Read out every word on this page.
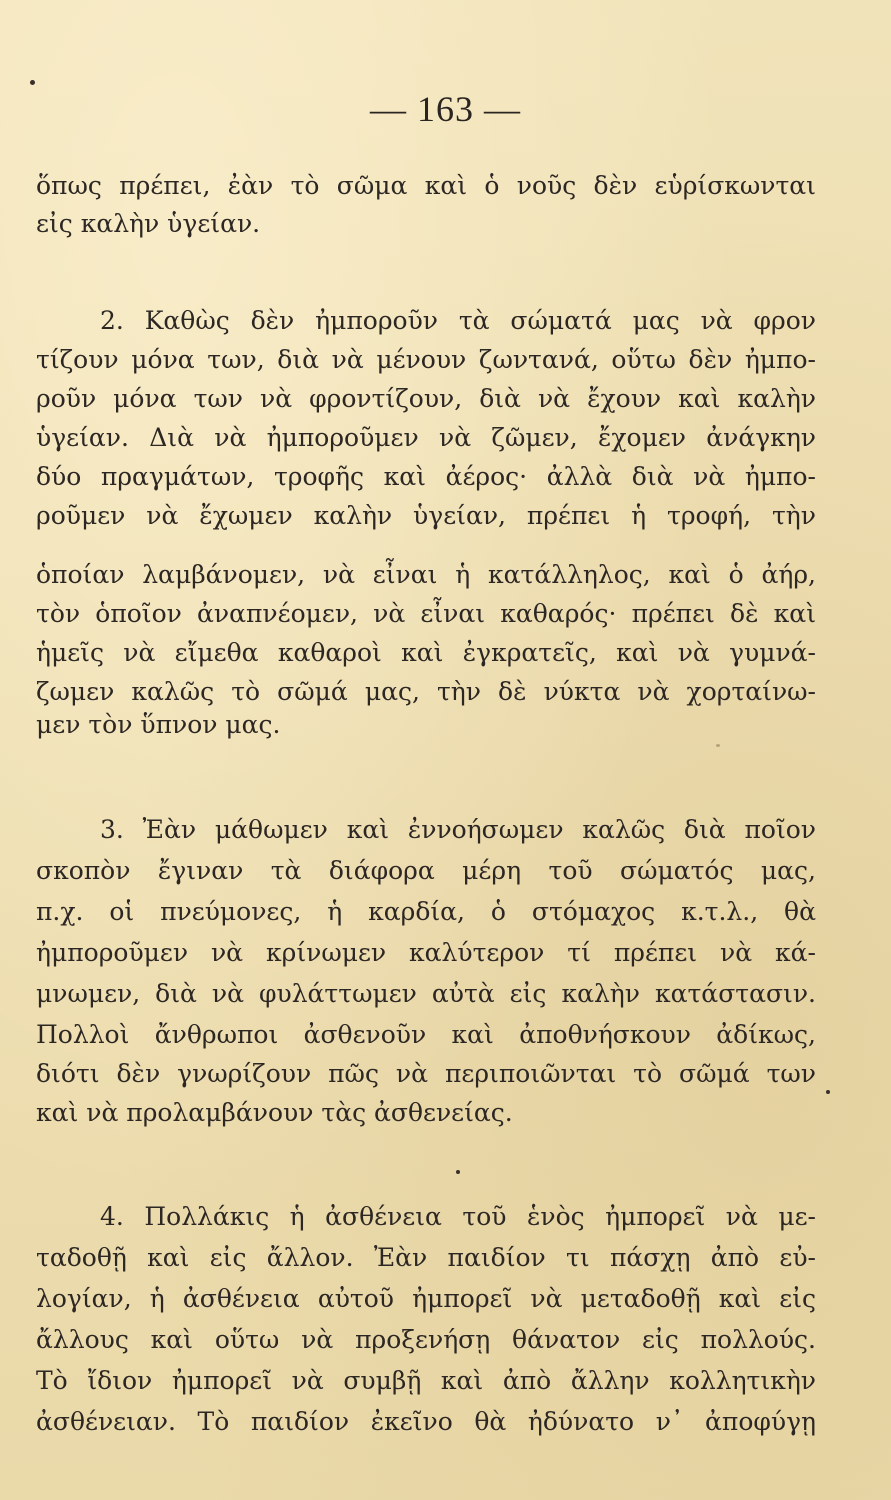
— 163 —
ὅπως πρέπει, ἐὰν τὸ σῶμα καὶ ὁ νοῦς δὲν εὑρίσκωνται
εἰς καλὴν ὑγείαν.
2. Καθὼς δὲν ἠμποροῦν τὰ σώματά μας νὰ φρον
τίζουν μόνα των, διὰ νὰ μένουν ζωντανά, οὕτω δὲν ἠμπο-
ροῦν μόνα των νὰ φροντίζουν, διὰ νὰ ἔχουν καὶ καλὴν
ὑγείαν. Διὰ νὰ ἠμποροῦμεν νὰ ζῶμεν, ἔχομεν ἀνάγκην
δύο πραγμάτων, τροφῆς καὶ ἀέρος· ἀλλὰ διὰ νὰ ἠμπο-
ροῦμεν νὰ ἔχωμεν καλὴν ὑγείαν, πρέπει ἡ τροφή, τὴν
ὁποίαν λαμβάνομεν, νὰ εἶναι ἡ κατάλληλος, καὶ ὁ ἀήρ,
τὸν ὁποῖον ἀναπνέομεν, νὰ εἶναι καθαρός· πρέπει δὲ καὶ
ἡμεῖς νὰ εἴμεθα καθαροὶ καὶ ἐγκρατεῖς, καὶ νὰ γυμνά-
ζωμεν καλῶς τὸ σῶμά μας, τὴν δὲ νύκτα νὰ χορταίνω-
μεν τὸν ὕπνον μας.
3. Ἐὰν μάθωμεν καὶ ἐννοήσωμεν καλῶς διὰ ποῖον
σκοπὸν ἔγιναν τὰ διάφορα μέρη τοῦ σώματός μας,
π.χ. οἱ πνεύμονες, ἡ καρδία, ὁ στόμαχος κ.τ.λ., θὰ
ἠμποροῦμεν νὰ κρίνωμεν καλύτερον τί πρέπει νὰ κά-
μνωμεν, διὰ νὰ φυλάττωμεν αὐτὰ εἰς καλὴν κατάστασιν.
Πολλοὶ ἄνθρωποι ἀσθενοῦν καὶ ἀποθνήσκουν ἀδίκως,
διότι δὲν γνωρίζουν πῶς νὰ περιποιῶνται τὸ σῶμά των
καὶ νὰ προλαμβάνουν τὰς ἀσθενείας.
4. Πολλάκις ἡ ἀσθένεια τοῦ ἑνὸς ἠμπορεῖ νὰ με-
ταδοθῇ καὶ εἰς ἄλλον. Ἐὰν παιδίον τι πάσχῃ ἀπὸ εὐ-
λογίαν, ἡ ἀσθένεια αὐτοῦ ἠμπορεῖ νὰ μεταδοθῇ καὶ εἰς
ἄλλους καὶ οὕτω νὰ προξενήσῃ θάνατον εἰς πολλούς.
Τὸ ἴδιον ἠμπορεῖ νὰ συμβῇ καὶ ἀπὸ ἄλλην κολλητικὴν
ἀσθένειαν. Τὸ παιδίον ἐκεῖνο θὰ ἠδύνατο ν᾿ ἀποφύγῃ
